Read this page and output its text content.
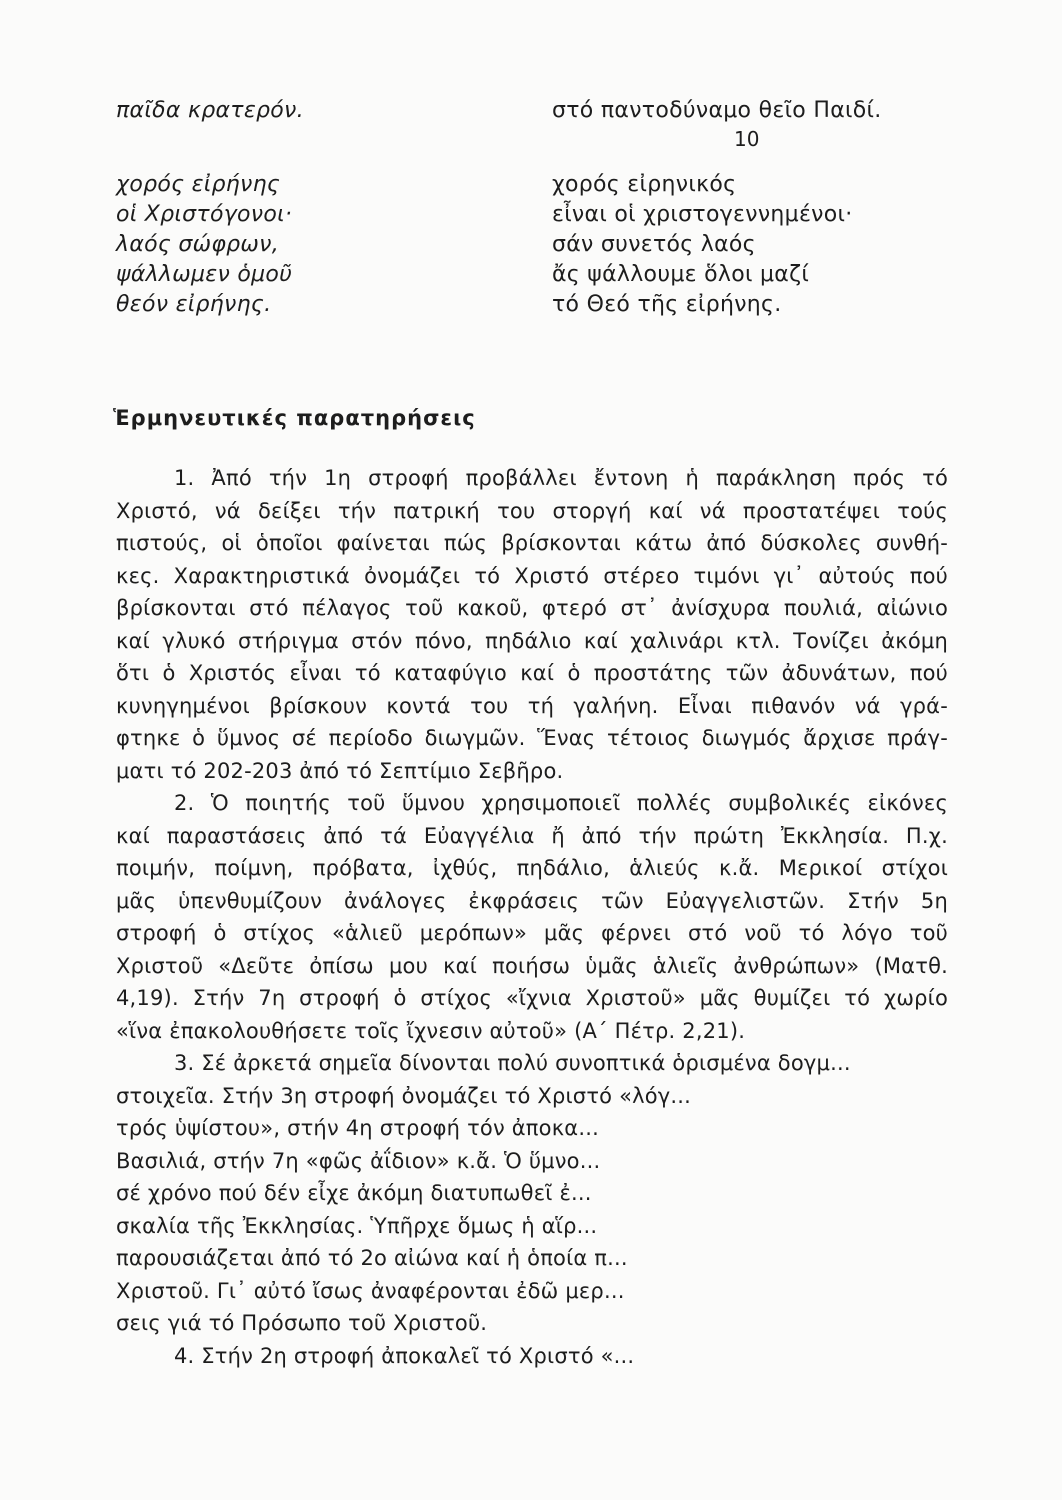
παῖδα κρατερόν.
χορός εἰρήνης
οἱ Χριστόγονοι·
λαός σώφρων,
ψάλλωμεν ὁμοῦ
θεόν εἰρήνης.
στό παντοδύναμο θεῖο Παιδί.
10
χορός εἰρηνικός
εἶναι οἱ χριστογεννημένοι·
σάν συνετός λαός
ἄς ψάλλουμε ὅλοι μαζί
τό Θεό τῆς εἰρήνης.
Ἑρμηνευτικές παρατηρήσεις
1. Ἀπό τήν 1η στροφή προβάλλει ἔντονη ἡ παράκληση πρός τό
Χριστό, νά δείξει τήν πατρική του στοργή καί νά προστατέψει τούς
πιστούς, οἱ ὁποῖοι φαίνεται πώς βρίσκονται κάτω ἀπό δύσκολες συνθή-
κες. Χαρακτηριστικά ὀνομάζει τό Χριστό στέρεο τιμόνι γι᾽ αὐτούς πού
βρίσκονται στό πέλαγος τοῦ κακοῦ, φτερό στ᾽ ἀνίσχυρα πουλιά, αἰώνιο
καί γλυκό στήριγμα στόν πόνο, πηδάλιο καί χαλινάρι κτλ. Τονίζει ἀκόμη
ὅτι ὁ Χριστός εἶναι τό καταφύγιο καί ὁ προστάτης τῶν ἀδυνάτων, πού
κυνηγημένοι βρίσκουν κοντά του τή γαλήνη. Εἶναι πιθανόν νά γρά-
φτηκε ὁ ὕμνος σέ περίοδο διωγμῶν. Ἕνας τέτοιος διωγμός ἄρχισε πράγ-
ματι τό 202-203 ἀπό τό Σεπτίμιο Σεβῆρο.
2. Ὁ ποιητής τοῦ ὕμνου χρησιμοποιεῖ πολλές συμβολικές εἰκόνες
καί παραστάσεις ἀπό τά Εὐαγγέλια ἤ ἀπό τήν πρώτη Ἐκκλησία. Π.χ.
ποιμήν, ποίμνη, πρόβατα, ἰχθύς, πηδάλιο, ἁλιεύς κ.ἄ. Μερικοί στίχοι
μᾶς ὑπενθυμίζουν ἀνάλογες ἐκφράσεις τῶν Εὐαγγελιστῶν. Στήν 5η
στροφή ὁ στίχος «ἁλιεῦ μερόπων» μᾶς φέρνει στό νοῦ τό λόγο τοῦ
Χριστοῦ «Δεῦτε ὀπίσω μου καί ποιήσω ὑμᾶς ἁλιεῖς ἀνθρώπων» (Ματθ.
4,19). Στήν 7η στροφή ὁ στίχος «ἴχνια Χριστοῦ» μᾶς θυμίζει τό χωρίο
«ἵνα ἐπακολουθήσετε τοῖς ἴχνεσιν αὐτοῦ» (Α´ Πέτρ. 2,21).
3. Σέ ἀρκετά σημεῖα δίνονται πολύ συνοπτικά ὁρισμένα δογμ...
στοιχεῖα. Στήν 3η στροφή ὀνομάζει τό Χριστό «λόγ...
τρός ὑψίστου», στήν 4η στροφή τόν ἀποκα...
Βασιλιά, στήν 7η «φῶς ἀΐδιον» κ.ἄ. Ὁ ὕμνο...
σέ χρόνο πού δέν εἶχε ἀκόμη διατυπωθεῖ ἐ...
σκαλία τῆς Ἐκκλησίας. Ὑπῆρχε ὅμως ἡ αἵρ...
παρουσιάζεται ἀπό τό 2ο αἰώνα καί ἡ ὁποία π...
Χριστοῦ. Γι᾽ αὐτό ἴσως ἀναφέρονται ἐδῶ μερ...
σεις γιά τό Πρόσωπο τοῦ Χριστοῦ.
4. Στήν 2η στροφή ἀποκαλεῖ τό Χριστό «...
